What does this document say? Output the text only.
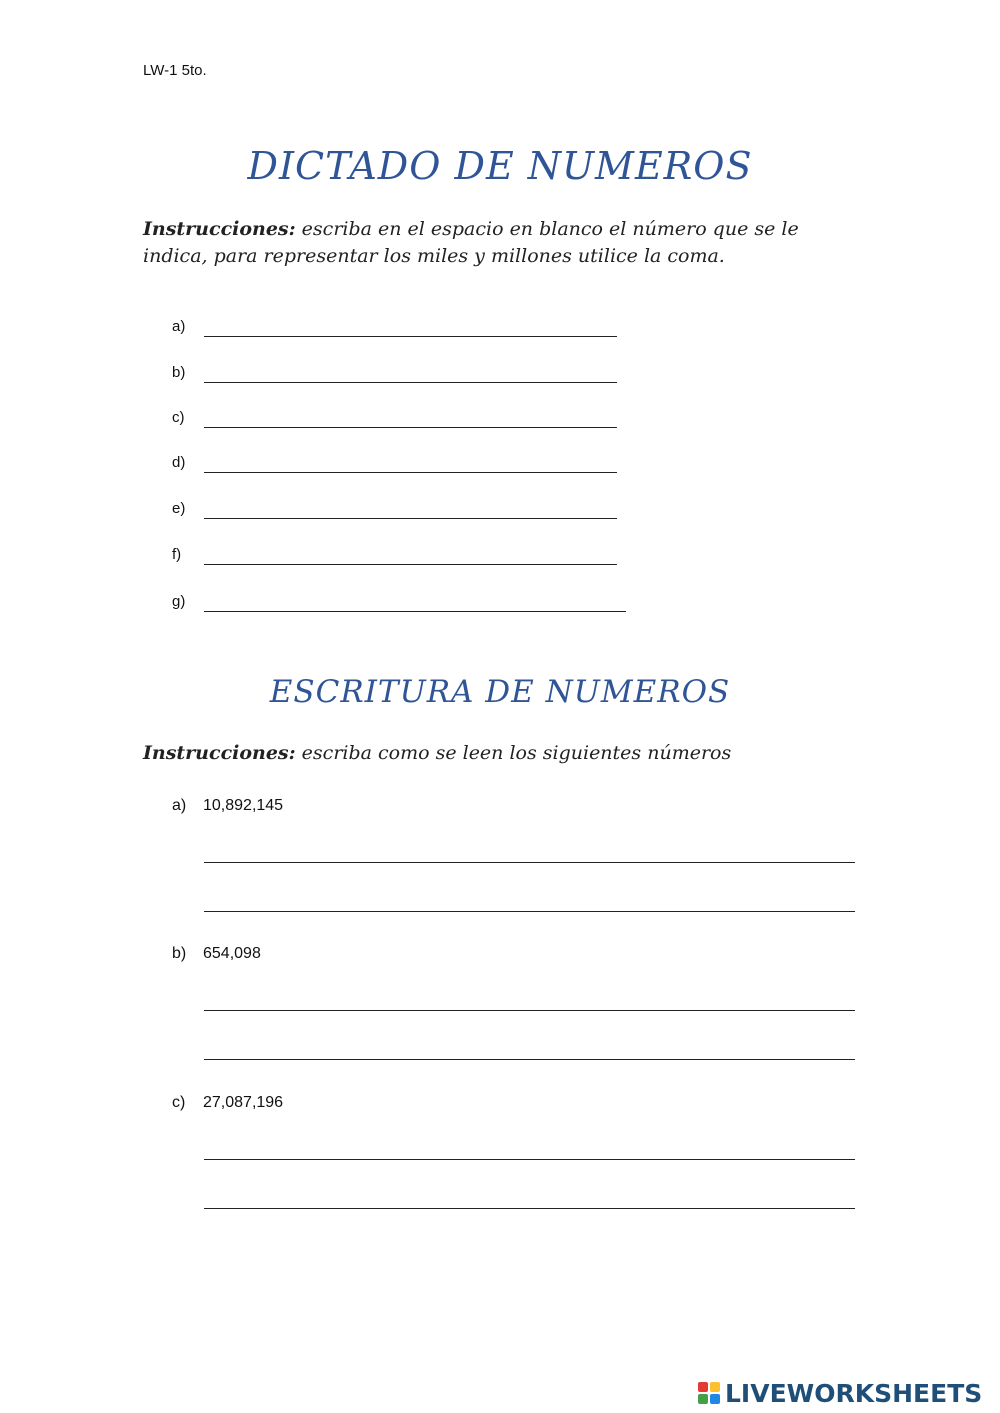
LW-1 5to.
DICTADO DE NUMEROS
Instrucciones: escriba en el espacio en blanco el número que se le indica, para representar los miles y millones utilice la coma.
a)
b)
c)
d)
e)
f)
g)
ESCRITURA DE NUMEROS
Instrucciones: escriba como se leen los siguientes números
a) 10,892,145
b) 654,098
c) 27,087,196
LIVEWORKSHEETS
